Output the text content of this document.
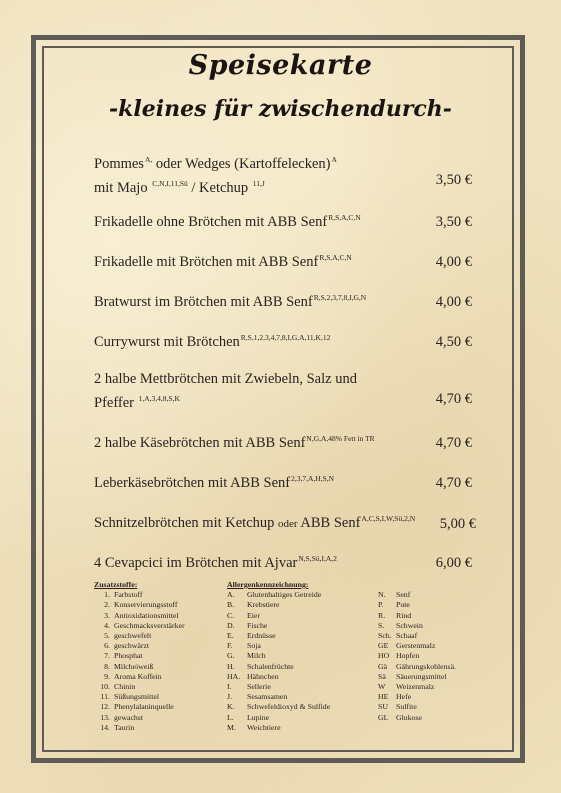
Speisekarte
-kleines für zwischendurch-
Pommes$^{A,}$ oder Wedges (Kartoffelecken)$^A$
mit Majo $^{C,N,I,11,Sü}$ / Ketchup $^{11,J}$	3,50 €
Frikadelle ohne Brötchen mit ABB Senf$^{R,S,A,C,N}$	3,50 €
Frikadelle mit Brötchen mit ABB Senf$^{R,S,A,C,N}$	4,00 €
Bratwurst im Brötchen mit ABB Senf$^{R,S,2,3,7,8,I,G,N}$	4,00 €
Currywurst mit Brötchen$^{R,S,1,2,3,4,7,8,I,G,A,11,K,12}$	4,50 €
2 halbe Mettbrötchen mit Zwiebeln, Salz und
Pfeffer $^{1,A,3,4,8,S,K}$	4,70 €
2 halbe Käsebrötchen mit ABB Senf$^{N,G,A,48\% Fett in TR}$	4,70 €
Leberkäsebrötchen mit ABB Senf$^{2,3,7,A,H,S,N}$	4,70 €
Schnitzelbrötchen mit Ketchup oder ABB Senf$^{A,C,S,I,W,Sü,2,N}$ 5,00 €
4 Cevapcici im Brötchen mit Ajvar$^{N,S,Sü,I,A,2}$	6,00 €
Zusatzstoffe:
1. Farbstoff
2. Konservierungsstoff
3. Antioxidationsmittel
4. Geschmacksverstärker
5. geschwefelt
6. geschwärzt
7. Phosphat
8. Milcheiweiß
9. Aroma Koffein
10. Chinin
11. Süßungsmittel
12. Phenylalaninquelle
13. gewachst
14. Taurin
Allergenkennzeichnung:
A. Glutenhaltiges Getreide
B. Krebstiere
C. Eier
D. Fische
E. Erdnüsse
F. Soja
G. Milch
H. Schalenfrüchte
HA. Hähnchen
I. Sellerie
J. Sesamsamen
K. Schwefeldioxyd & Sulfide
L. Lupine
M. Weichtiere
N. Senf
P. Pute
R. Rind
S. Schwein
Sch. Schaaf
GE Gerstenmalz
HO Hopfen
Gä Gährungskohlensä.
Sä Säuerungsmittel
W Weizenmalz
HE Hefe
SU Sulfite
GL Glukose
